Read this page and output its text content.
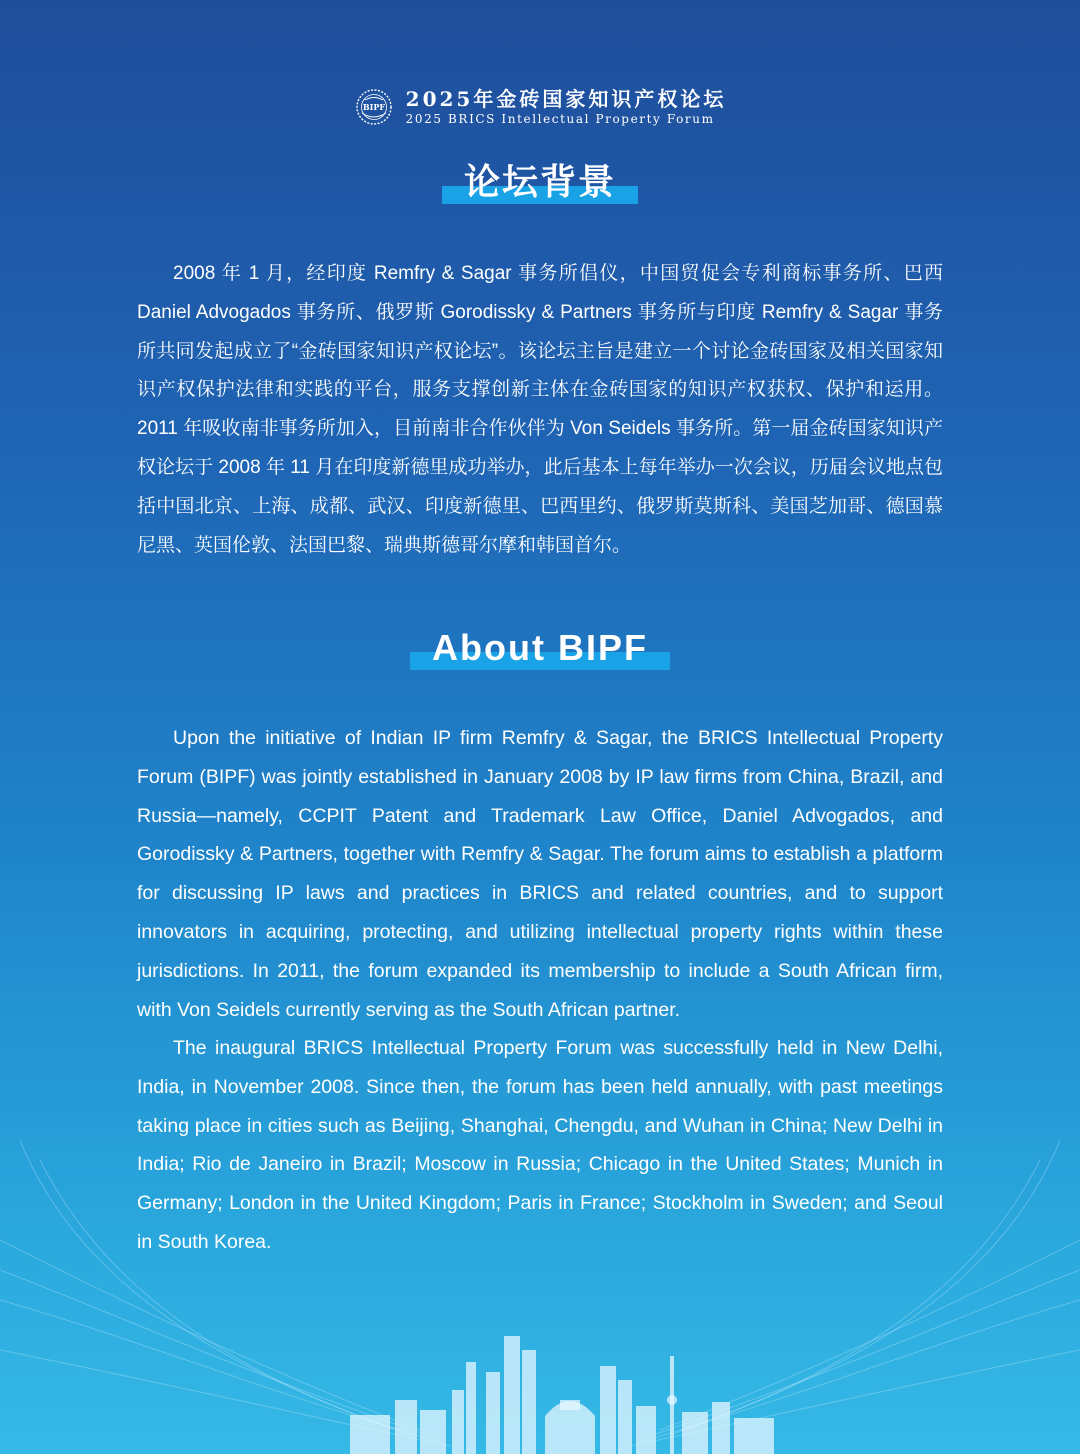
BIPF 2025年金砖国家知识产权论坛
2025 BRICS Intellectual Property Forum
论坛背景

2008 年 1 月，经印度 Remfry & Sagar 事务所倡仪，中国贸促会专利商标事务所、巴西 Daniel Advogados 事务所、俄罗斯 Gorodissky & Partners 事务所与印度 Remfry & Sagar 事务所共同发起成立了“金砖国家知识产权论坛”。该论坛主旨是建立一个讨论金砖国家及相关国家知识产权保护法律和实践的平台，服务支撑创新主体在金砖国家的知识产权获权、保护和运用。2011 年吸收南非事务所加入，目前南非合作伙伴为 Von Seidels 事务所。第一届金砖国家知识产权论坛于 2008 年 11 月在印度新德里成功举办，此后基本上每年举办一次会议，历届会议地点包括中国北京、上海、成都、武汉、印度新德里、巴西里约、俄罗斯莫斯科、美国芝加哥、德国慕尼黑、英国伦敦、法国巴黎、瑞典斯德哥尔摩和韩国首尔。

About BIPF

Upon the initiative of Indian IP firm Remfry & Sagar, the BRICS Intellectual Property Forum (BIPF) was jointly established in January 2008 by IP law firms from China, Brazil, and Russia—namely, CCPIT Patent and Trademark Law Office, Daniel Advogados, and Gorodissky & Partners, together with Remfry & Sagar. The forum aims to establish a platform for discussing IP laws and practices in BRICS and related countries, and to support innovators in acquiring, protecting, and utilizing intellectual property rights within these jurisdictions. In 2011, the forum expanded its membership to include a South African firm, with Von Seidels currently serving as the South African partner.

The inaugural BRICS Intellectual Property Forum was successfully held in New Delhi, India, in November 2008. Since then, the forum has been held annually, with past meetings taking place in cities such as Beijing, Shanghai, Chengdu, and Wuhan in China; New Delhi in India; Rio de Janeiro in Brazil; Moscow in Russia; Chicago in the United States; Munich in Germany; London in the United Kingdom; Paris in France; Stockholm in Sweden; and Seoul in South Korea.
